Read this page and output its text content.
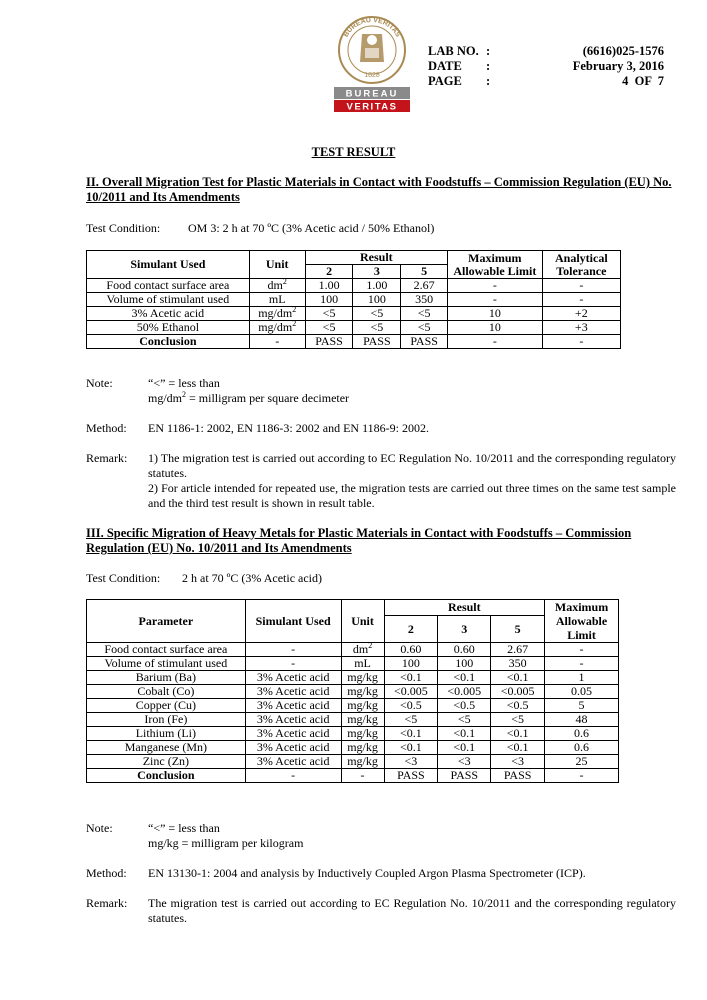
BUREAU VERITAS
1828
BUREAU
VERITAS
LAB NO. :	(6616)025-1576
DATE	:	February 3, 2016
PAGE	:	4  OF  7
TEST RESULT
II. Overall Migration Test for Plastic Materials in Contact with Foodstuffs – Commission Regulation (EU) No. 10/2011 and Its Amendments
Test Condition: OM 3: 2 h at 70 ºC (3% Acetic acid / 50% Ethanol)
Simulant Used	Unit	Result			Maximum
Allowable Limit	Analytical
Tolerance
		2	3	5		
Food contact surface area	$dm^2$	1.00	1.00	2.67	-	-
Volume of stimulant used	mL	100	100	350	-	-
3% Acetic acid	$mg/dm^2$	<5	<5	<5	10	+2
50% Ethanol	$mg/dm^2$	<5	<5	<5	10	+3
Conclusion	-	PASS	PASS	PASS	-	-
Note:	“<” = less than
$mg/dm^2$ = milligram per square decimeter
Method:	EN 1186-1: 2002, EN 1186-3: 2002 and EN 1186-9: 2002.
Remark:	1) The migration test is carried out according to EC Regulation No. 10/2011 and the corresponding regulatory statutes.
2) For article intended for repeated use, the migration tests are carried out three times on the same test sample and the third test result is shown in result table.
III. Specific Migration of Heavy Metals for Plastic Materials in Contact with Foodstuffs – Commission Regulation (EU) No. 10/2011 and Its Amendments
Test Condition: 2 h at 70 ºC (3% Acetic acid)
Parameter	Simulant Used	Unit	Result			Maximum
Allowable
Limit
			2	3	5	
Food contact surface area	-	$dm^2$	0.60	0.60	2.67	-
Volume of stimulant used	-	mL	100	100	350	-
Barium (Ba)	3% Acetic acid	mg/kg	<0.1	<0.1	<0.1	1
Cobalt (Co)	3% Acetic acid	mg/kg	<0.005	<0.005	<0.005	0.05
Copper (Cu)	3% Acetic acid	mg/kg	<0.5	<0.5	<0.5	5
Iron (Fe)	3% Acetic acid	mg/kg	<5	<5	<5	48
Lithium (Li)	3% Acetic acid	mg/kg	<0.1	<0.1	<0.1	0.6
Manganese (Mn)	3% Acetic acid	mg/kg	<0.1	<0.1	<0.1	0.6
Zinc (Zn)	3% Acetic acid	mg/kg	<3	<3	<3	25
Conclusion	-	-	PASS	PASS	PASS	-
Note:	“<” = less than
mg/kg = milligram per kilogram
Method:	EN 13130-1: 2004 and analysis by Inductively Coupled Argon Plasma Spectrometer (ICP).
Remark:	The migration test is carried out according to EC Regulation No. 10/2011 and the corresponding regulatory statutes.
